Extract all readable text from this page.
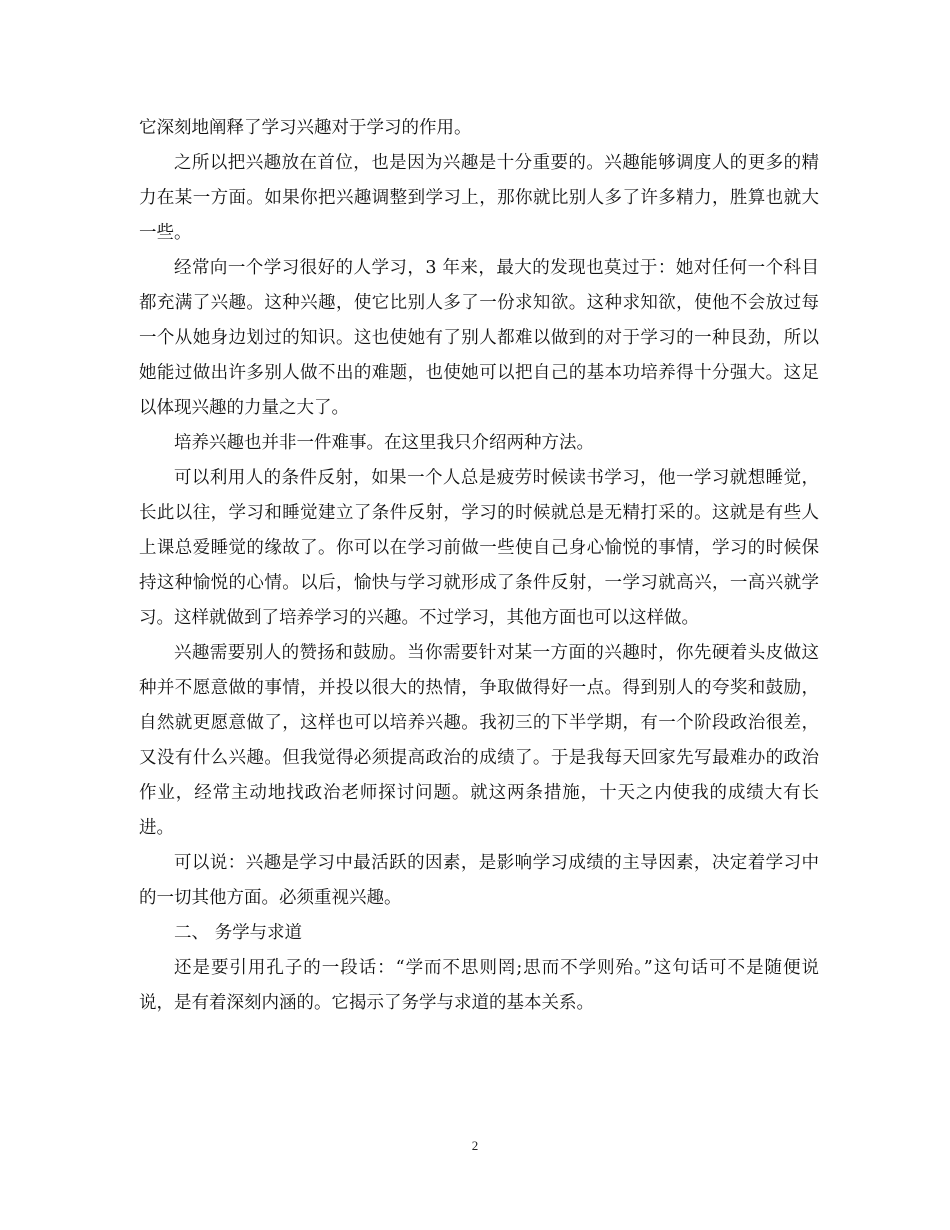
它深刻地阐释了学习兴趣对于学习的作用。

之所以把兴趣放在首位，也是因为兴趣是十分重要的。兴趣能够调度人的更多的精力在某一方面。如果你把兴趣调整到学习上，那你就比别人多了许多精力，胜算也就大一些。

经常向一个学习很好的人学习，3 年来，最大的发现也莫过于：她对任何一个科目都充满了兴趣。这种兴趣，使它比别人多了一份求知欲。这种求知欲，使他不会放过每一个从她身边划过的知识。这也使她有了别人都难以做到的对于学习的一种艮劲，所以她能过做出许多别人做不出的难题，也使她可以把自己的基本功培养得十分强大。这足以体现兴趣的力量之大了。

培养兴趣也并非一件难事。在这里我只介绍两种方法。

可以利用人的条件反射，如果一个人总是疲劳时候读书学习，他一学习就想睡觉，长此以往，学习和睡觉建立了条件反射，学习的时候就总是无精打采的。这就是有些人上课总爱睡觉的缘故了。你可以在学习前做一些使自己身心愉悦的事情，学习的时候保持这种愉悦的心情。以后，愉快与学习就形成了条件反射，一学习就高兴，一高兴就学习。这样就做到了培养学习的兴趣。不过学习，其他方面也可以这样做。

兴趣需要别人的赞扬和鼓励。当你需要针对某一方面的兴趣时，你先硬着头皮做这种并不愿意做的事情，并投以很大的热情，争取做得好一点。得到别人的夸奖和鼓励，自然就更愿意做了，这样也可以培养兴趣。我初三的下半学期，有一个阶段政治很差，又没有什么兴趣。但我觉得必须提高政治的成绩了。于是我每天回家先写最难办的政治作业，经常主动地找政治老师探讨问题。就这两条措施，十天之内使我的成绩大有长进。

可以说：兴趣是学习中最活跃的因素，是影响学习成绩的主导因素，决定着学习中的一切其他方面。必须重视兴趣。

二、 务学与求道

还是要引用孔子的一段话：“学而不思则罔;思而不学则殆。”这句话可不是随便说说，是有着深刻内涵的。它揭示了务学与求道的基本关系。

2
